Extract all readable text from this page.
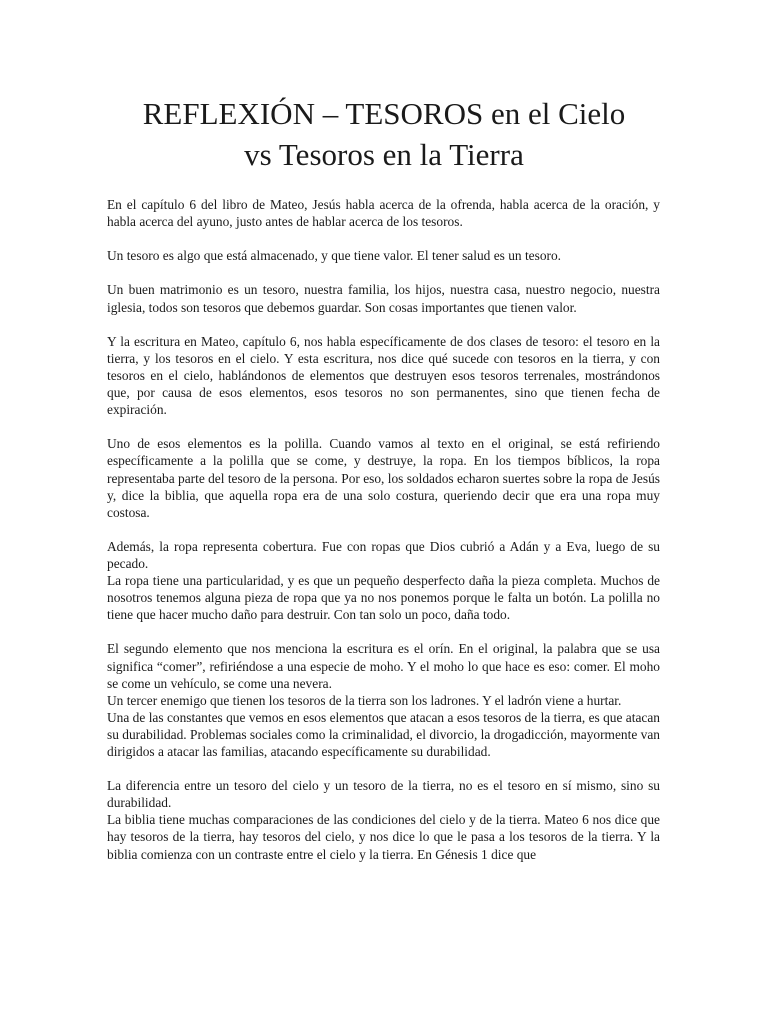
REFLEXIÓN – TESOROS en el Cielo
vs Tesoros en la Tierra

En el capítulo 6 del libro de Mateo, Jesús habla acerca de la ofrenda, habla acerca de la oración, y habla acerca del ayuno, justo antes de hablar acerca de los tesoros.

Un tesoro es algo que está almacenado, y que tiene valor. El tener salud es un tesoro.

Un buen matrimonio es un tesoro, nuestra familia, los hijos, nuestra casa, nuestro negocio, nuestra iglesia, todos son tesoros que debemos guardar. Son cosas importantes que tienen valor.

Y la escritura en Mateo, capítulo 6, nos habla específicamente de dos clases de tesoro: el tesoro en la tierra, y los tesoros en el cielo. Y esta escritura, nos dice qué sucede con tesoros en la tierra, y con tesoros en el cielo, hablándonos de elementos que destruyen esos tesoros terrenales, mostrándonos que, por causa de esos elementos, esos tesoros no son permanentes, sino que tienen fecha de expiración.

Uno de esos elementos es la polilla. Cuando vamos al texto en el original, se está refiriendo específicamente a la polilla que se come, y destruye, la ropa. En los tiempos bíblicos, la ropa representaba parte del tesoro de la persona. Por eso, los soldados echaron suertes sobre la ropa de Jesús y, dice la biblia, que aquella ropa era de una solo costura, queriendo decir que era una ropa muy costosa.

Además, la ropa representa cobertura. Fue con ropas que Dios cubrió a Adán y a Eva, luego de su pecado.

La ropa tiene una particularidad, y es que un pequeño desperfecto daña la pieza completa. Muchos de nosotros tenemos alguna pieza de ropa que ya no nos ponemos porque le falta un botón. La polilla no tiene que hacer mucho daño para destruir. Con tan solo un poco, daña todo.

El segundo elemento que nos menciona la escritura es el orín. En el original, la palabra que se usa significa “comer”, refiriéndose a una especie de moho. Y el moho lo que hace es eso: comer. El moho se come un vehículo, se come una nevera.

Un tercer enemigo que tienen los tesoros de la tierra son los ladrones. Y el ladrón viene a hurtar.

Una de las constantes que vemos en esos elementos que atacan a esos tesoros de la tierra, es que atacan su durabilidad. Problemas sociales como la criminalidad, el divorcio, la drogadicción, mayormente van dirigidos a atacar las familias, atacando específicamente su durabilidad.

La diferencia entre un tesoro del cielo y un tesoro de la tierra, no es el tesoro en sí mismo, sino su durabilidad.

La biblia tiene muchas comparaciones de las condiciones del cielo y de la tierra. Mateo 6 nos dice que hay tesoros de la tierra, hay tesoros del cielo, y nos dice lo que le pasa a los tesoros de la tierra. Y la biblia comienza con un contraste entre el cielo y la tierra. En Génesis 1 dice que
